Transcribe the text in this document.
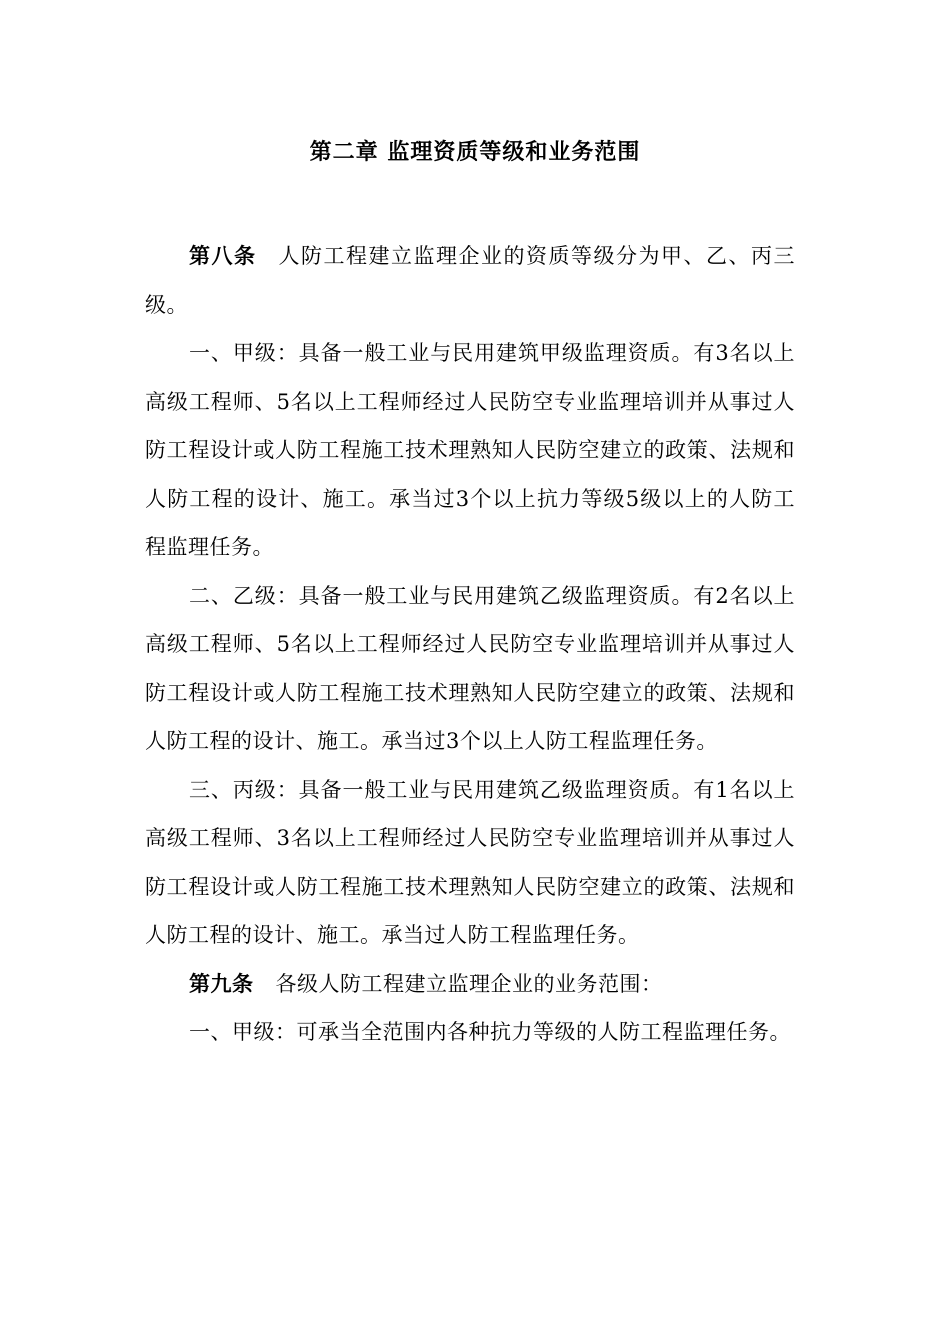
第二章 监理资质等级和业务范围

第八条 人防工程建立监理企业的资质等级分为甲、乙、丙三级。

一、甲级：具备一般工业与民用建筑甲级监理资质。有3名以上高级工程师、5名以上工程师经过人民防空专业监理培训并从事过人防工程设计或人防工程施工技术理熟知人民防空建立的政策、法规和人防工程的设计、施工。承当过3个以上抗力等级5级以上的人防工程监理任务。

二、乙级：具备一般工业与民用建筑乙级监理资质。有2名以上高级工程师、5名以上工程师经过人民防空专业监理培训并从事过人防工程设计或人防工程施工技术理熟知人民防空建立的政策、法规和人防工程的设计、施工。承当过3个以上人防工程监理任务。

三、丙级：具备一般工业与民用建筑乙级监理资质。有1名以上高级工程师、3名以上工程师经过人民防空专业监理培训并从事过人防工程设计或人防工程施工技术理熟知人民防空建立的政策、法规和人防工程的设计、施工。承当过人防工程监理任务。

第九条 各级人防工程建立监理企业的业务范围：

一、甲级：可承当全范围内各种抗力等级的人防工程监理任务。
